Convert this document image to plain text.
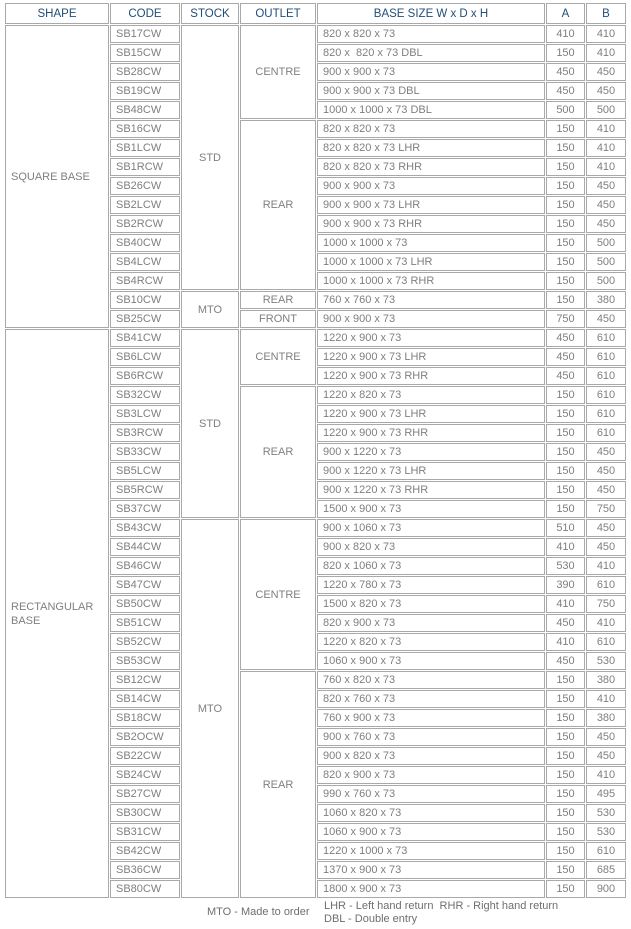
SHAPE	CODE	STOCK	OUTLET	BASE SIZE W x D x H	A	B
SQUARE BASE	SB17CW	STD	CENTRE	820 x 820 x 73	410	410
	SB15CW			820 x  820 x 73 DBL	150	410
	SB28CW			900 x 900 x 73	450	450
	SB19CW			900 x 900 x 73 DBL	450	450
	SB48CW			1000 x 1000 x 73 DBL	500	500
	SB16CW		REAR	820 x 820 x 73	150	410
	SB1LCW			820 x 820 x 73 LHR	150	410
	SB1RCW			820 x 820 x 73 RHR	150	410
	SB26CW			900 x 900 x 73	150	450
	SB2LCW			900 x 900 x 73 LHR	150	450
	SB2RCW			900 x 900 x 73 RHR	150	450
	SB40CW			1000 x 1000 x 73	150	500
	SB4LCW			1000 x 1000 x 73 LHR	150	500
	SB4RCW			1000 x 1000 x 73 RHR	150	500
	SB10CW	MTO	REAR	760 x 760 x 73	150	380
	SB25CW		FRONT	900 x 900 x 73	750	450
RECTANGULAR BASE	SB41CW	STD	CENTRE	1220 x 900 x 73	450	610
	SB6LCW			1220 x 900 x 73 LHR	450	610
	SB6RCW			1220 x 900 x 73 RHR	450	610
	SB32CW		REAR	1220 x 820 x 73	150	610
	SB3LCW			1220 x 900 x 73 LHR	150	610
	SB3RCW			1220 x 900 x 73 RHR	150	610
	SB33CW			900 x 1220 x 73	150	450
	SB5LCW			900 x 1220 x 73 LHR	150	450
	SB5RCW			900 x 1220 x 73 RHR	150	450
	SB37CW			1500 x 900 x 73	150	750
	SB43CW	MTO	CENTRE	900 x 1060 x 73	510	450
	SB44CW			900 x 820 x 73	410	450
	SB46CW			820 x 1060 x 73	530	410
	SB47CW			1220 x 780 x 73	390	610
	SB50CW			1500 x 820 x 73	410	750
	SB51CW			820 x 900 x 73	450	410
	SB52CW			1220 x 820 x 73	410	610
	SB53CW			1060 x 900 x 73	450	530
	SB12CW		REAR	760 x 820 x 73	150	380
	SB14CW			820 x 760 x 73	150	410
	SB18CW			760 x 900 x 73	150	380
	SB2OCW			900 x 760 x 73	150	450
	SB22CW			900 x 820 x 73	150	450
	SB24CW			820 x 900 x 73	150	410
	SB27CW			990 x 760 x 73	150	495
	SB30CW			1060 x 820 x 73	150	530
	SB31CW			1060 x 900 x 73	150	530
	SB42CW			1220 x 1000 x 73	150	610
	SB36CW			1370 x 900 x 73	150	685
	SB80CW			1800 x 900 x 73	150	900
MTO - Made to order LHR - Left hand return  RHR - Right hand return
DBL - Double entry
